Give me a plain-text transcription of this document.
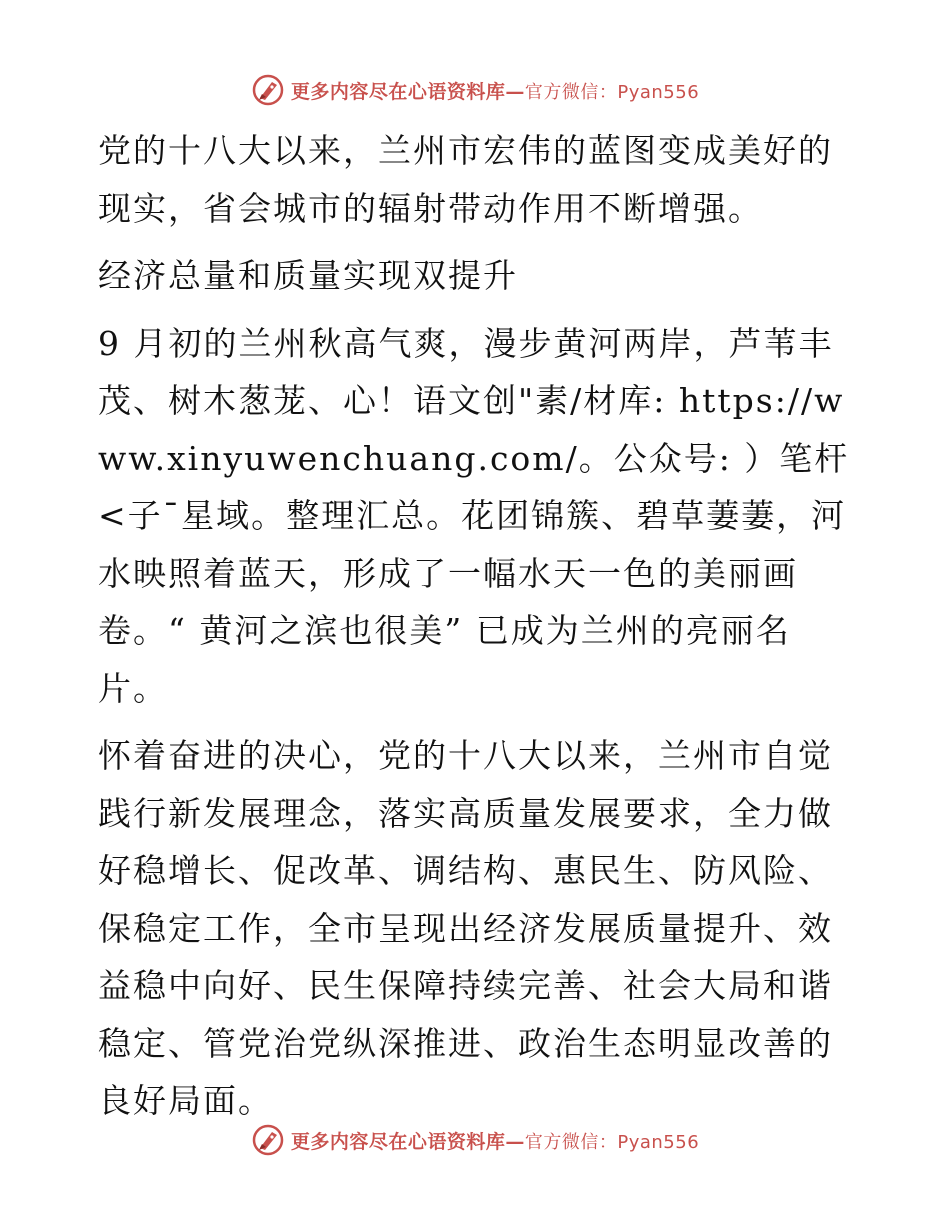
更多内容尽在心语资料库— 官方微信：Pyan556

党的十八大以来，兰州市宏伟的蓝图变成美好的现实，省会城市的辐射带动作用不断增强。

经济总量和质量实现双提升

9 月初的兰州秋高气爽，漫步黄河两岸，芦苇丰茂、树木葱茏、心！语文创"素/材库: https://www.xinyuwenchuang.com/。公众号: ）笔杆<子¯星域。整理汇总。花团锦簇、碧草萋萋，河水映照着蓝天，形成了一幅水天一色的美丽画卷。“ 黄河之滨也很美” 已成为兰州的亮丽名片。

怀着奋进的决心，党的十八大以来，兰州市自觉践行新发展理念，落实高质量发展要求，全力做好稳增长、促改革、调结构、惠民生、防风险、保稳定工作，全市呈现出经济发展质量提升、效益稳中向好、民生保障持续完善、社会大局和谐稳定、管党治党纵深推进、政治生态明显改善的良好局面。

更多内容尽在心语资料库— 官方微信：Pyan556
